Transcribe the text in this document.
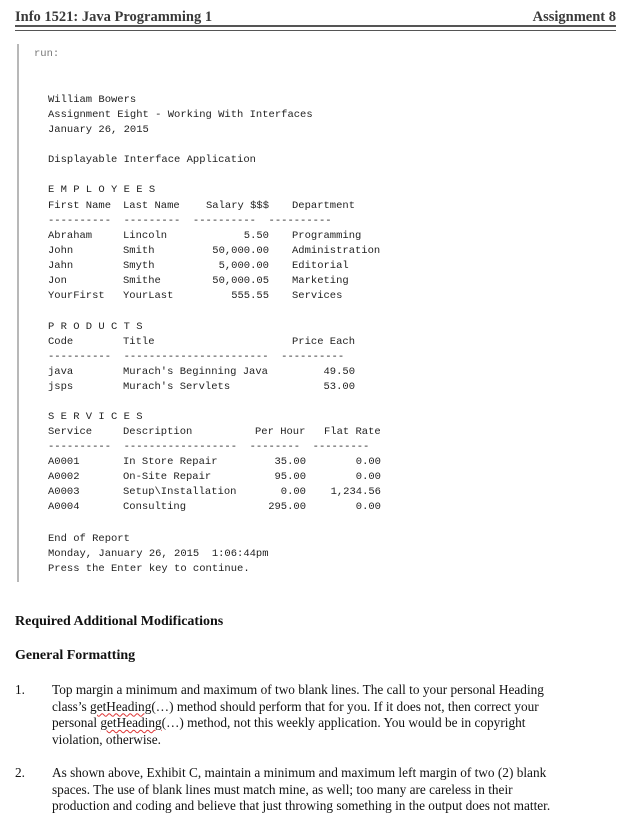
Info 1521: Java Programming 1	Assignment 8
run:
William Bowers
Assignment Eight - Working With Interfaces
January 26, 2015
Displayable Interface Application
E M P L O Y E E S
First Name Last Name	Salary $$$ Department
----------  ---------  ----------  ----------
Abraham	Lincoln	5.50 Programming
John	Smith	50,000.00 Administration
Jahn	Smyth	5,000.00 Editorial
Jon	Smithe	50,000.05 Marketing
YourFirst YourLast	555.55 Services
P R O D U C T S
Code	Title	Price Each
----------  -----------------------  ----------
java	Murach's Beginning Java	49.50
jsps	Murach's Servlets	53.00
S E R V I C E S
Service	Description	Per Hour Flat Rate
----------  ------------------  --------  ---------
A0001	In Store Repair	35.00	0.00
A0002	On-Site Repair	95.00	0.00
A0003	Setup\Installation	0.00	1,234.56
A0004	Consulting	295.00	0.00
End of Report
Monday, January 26, 2015  1:06:44pm
Press the Enter key to continue.
Required Additional Modifications
General Formatting
1. Top margin a minimum and maximum of two blank lines. The call to your personal Heading
class’s getHeading(…) method should perform that for you. If it does not, then correct your
personal getHeading(…) method, not this weekly application. You would be in copyright
violation, otherwise.
2. As shown above, Exhibit C, maintain a minimum and maximum left margin of two (2) blank
spaces. The use of blank lines must match mine, as well; too many are careless in their
production and coding and believe that just throwing something in the output does not matter.
